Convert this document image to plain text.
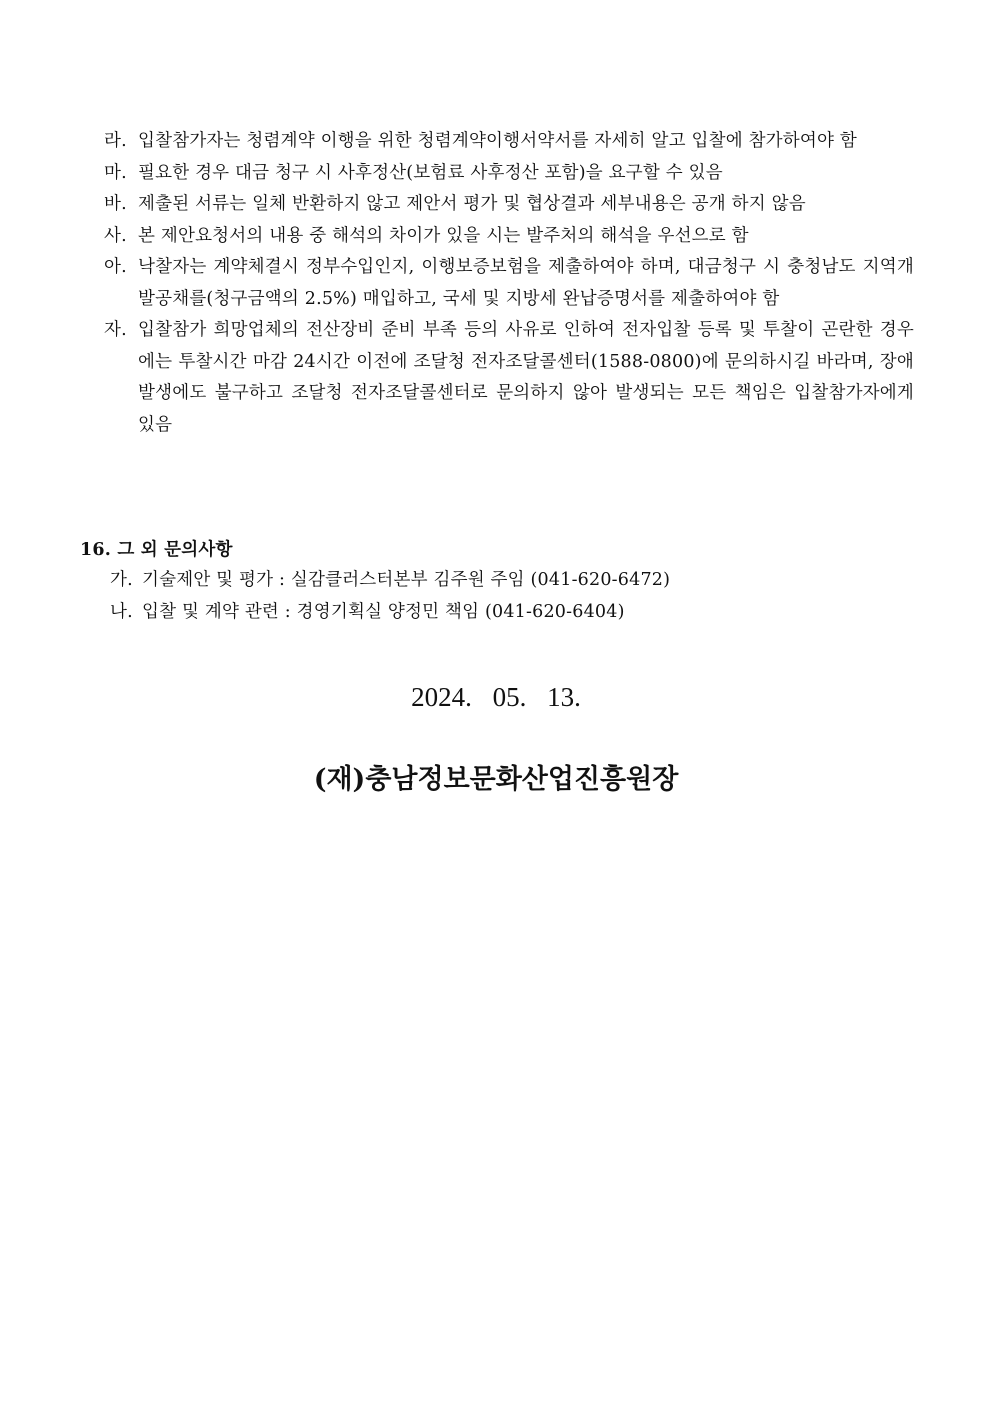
라. 입찰참가자는 청렴계약 이행을 위한 청렴계약이행서약서를 자세히 알고 입찰에 참가하여야 함
마. 필요한 경우 대금 청구 시 사후정산(보험료 사후정산 포함)을 요구할 수 있음
바. 제출된 서류는 일체 반환하지 않고 제안서 평가 및 협상결과 세부내용은 공개 하지 않음
사. 본 제안요청서의 내용 중 해석의 차이가 있을 시는 발주처의 해석을 우선으로 함
아. 낙찰자는 계약체결시 정부수입인지, 이행보증보험을 제출하여야 하며, 대금청구 시 충청남도 지역개발공채를(청구금액의 2.5%) 매입하고, 국세 및 지방세 완납증명서를 제출하여야 함
자. 입찰참가 희망업체의 전산장비 준비 부족 등의 사유로 인하여 전자입찰 등록 및 투찰이 곤란한 경우에는 투찰시간 마감 24시간 이전에 조달청 전자조달콜센터(1588-0800)에 문의하시길 바라며, 장애발생에도 불구하고 조달청 전자조달콜센터로 문의하지 않아 발생되는 모든 책임은 입찰참가자에게 있음
16. 그 외 문의사항
가. 기술제안 및 평가 : 실감클러스터본부 김주원 주임 (041-620-6472)
나. 입찰 및 계약 관련 : 경영기획실 양정민 책임 (041-620-6404)

2024. 05. 13.

(재)충남정보문화산업진흥원장
